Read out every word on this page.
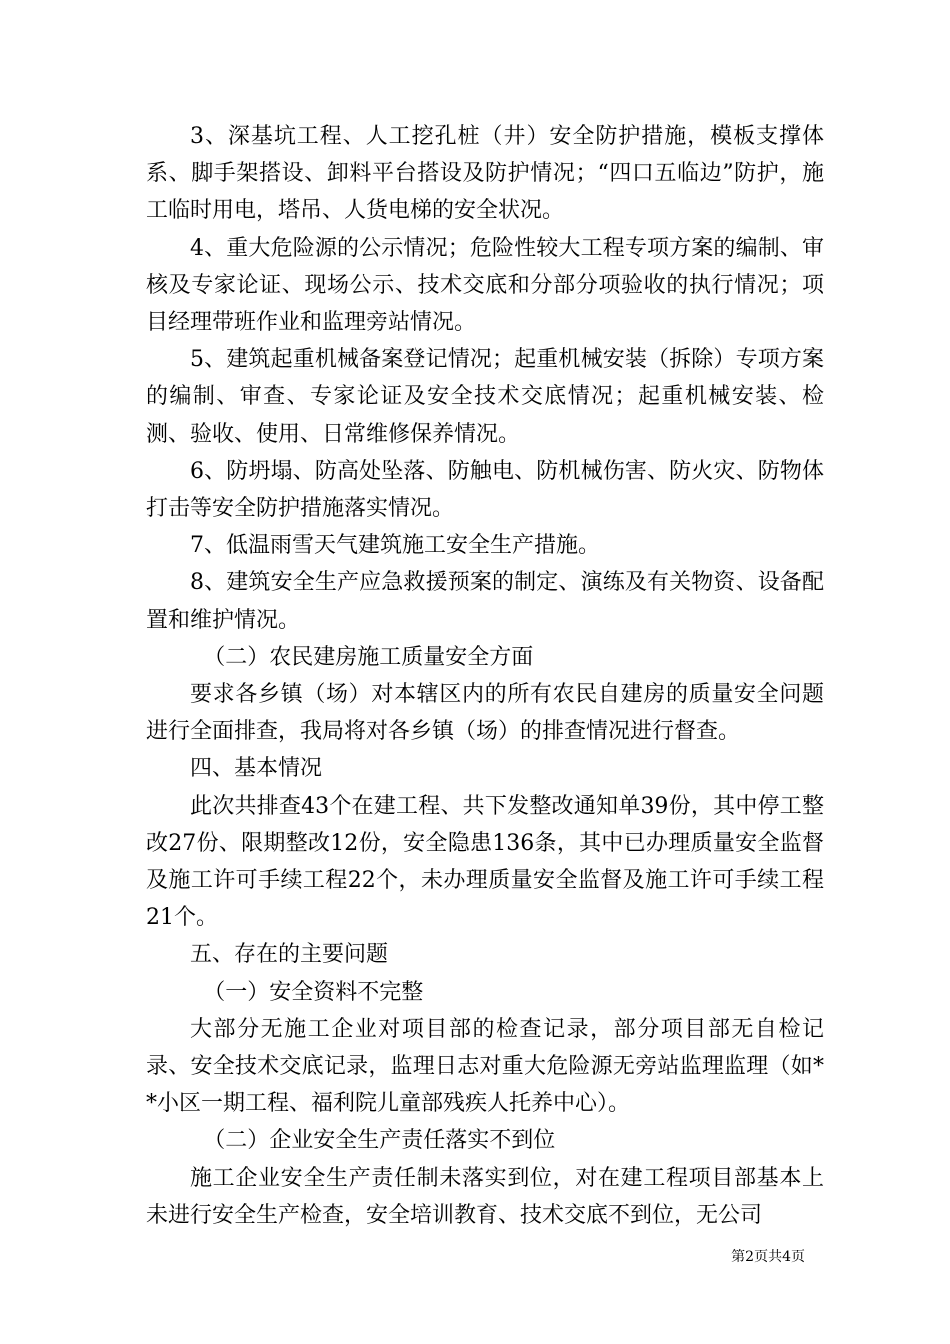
3、深基坑工程、人工挖孔桩（井）安全防护措施，模板支撑体系、脚手架搭设、卸料平台搭设及防护情况；“四口五临边”防护，施工临时用电，塔吊、人货电梯的安全状况。

4、重大危险源的公示情况；危险性较大工程专项方案的编制、审核及专家论证、现场公示、技术交底和分部分项验收的执行情况；项目经理带班作业和监理旁站情况。

5、建筑起重机械备案登记情况；起重机械安装（拆除）专项方案的编制、审查、专家论证及安全技术交底情况；起重机械安装、检测、验收、使用、日常维修保养情况。

6、防坍塌、防高处坠落、防触电、防机械伤害、防火灾、防物体打击等安全防护措施落实情况。

7、低温雨雪天气建筑施工安全生产措施。

8、建筑安全生产应急救援预案的制定、演练及有关物资、设备配置和维护情况。

（二）农民建房施工质量安全方面

要求各乡镇（场）对本辖区内的所有农民自建房的质量安全问题进行全面排查，我局将对各乡镇（场）的排查情况进行督查。

四、基本情况

此次共排查43个在建工程、共下发整改通知单39份，其中停工整改27份、限期整改12份，安全隐患136条，其中已办理质量安全监督及施工许可手续工程22个，未办理质量安全监督及施工许可手续工程21个。

五、存在的主要问题

（一）安全资料不完整

大部分无施工企业对项目部的检查记录，部分项目部无自检记录、安全技术交底记录，监理日志对重大危险源无旁站监理监理（如**小区一期工程、福利院儿童部残疾人托养中心）。

（二）企业安全生产责任落实不到位

施工企业安全生产责任制未落实到位，对在建工程项目部基本上未进行安全生产检查，安全培训教育、技术交底不到位，无公司

第2页共4页
